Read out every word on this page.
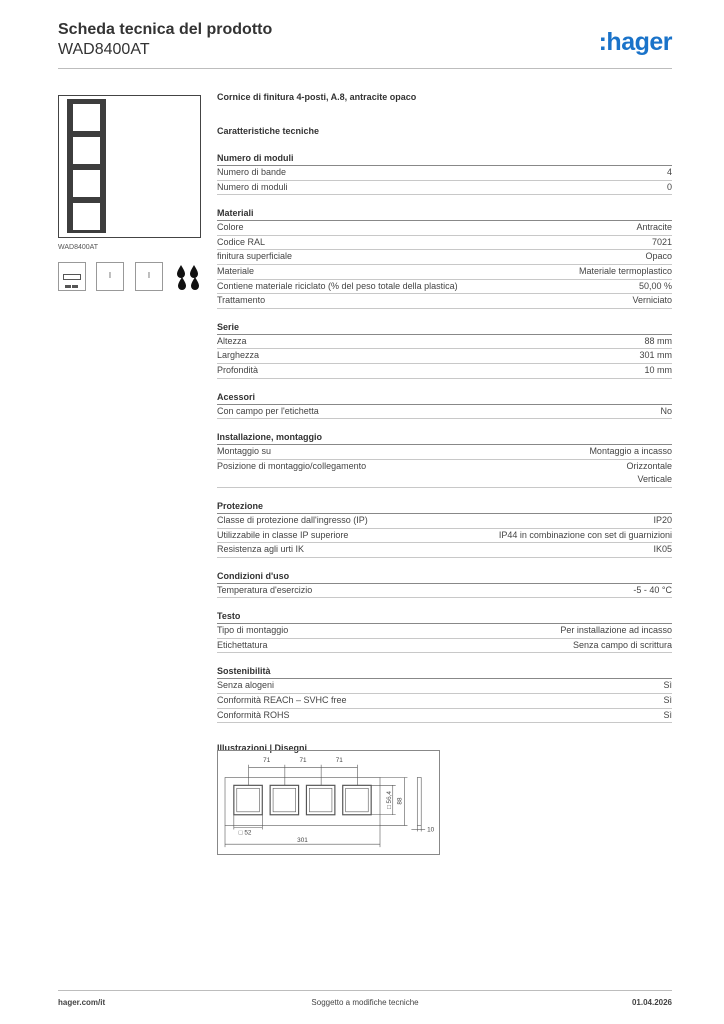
Scheda tecnica del prodotto
WAD8400AT	:hager
WAD8400AT
I	I
Cornice di finitura 4-posti, A.8, antracite opaco
Caratteristiche tecniche
Numero di moduli
Numero di bande	4
Numero di moduli	0
Materiali
Colore	Antracite
Codice RAL	7021
finitura superficiale	Opaco
Materiale	Materiale termoplastico
Contiene materiale riciclato (% del peso totale della plastica)	50,00 %
Trattamento	Verniciato
Serie
Altezza	88 mm
Larghezza	301 mm
Profondità	10 mm
Acessori
Con campo per l'etichetta	No
Installazione, montaggio
Montaggio su	Montaggio a incasso
Posizione di montaggio/collegamento	Orizzontale
Verticale
Protezione
Classe di protezione dall'ingresso (IP)	IP20
Utilizzabile in classe IP superiore	IP44 in combinazione con set di guarnizioni
Resistenza agli urti IK	IK05
Condizioni d'uso
Temperatura d'esercizio	-5 - 40 °C
Testo
Tipo di montaggio	Per installazione ad incasso
Etichettatura	Senza campo di scrittura
Sostenibilità
Senza alogeni	Sì
Conformità REACh – SVHC free	Sì
Conformità ROHS	Sì
Illustrazioni | Disegni
71	71	71
□ 52
301
□ 56,4 88
10
hager.com/it	Soggetto a modifiche tecniche	01.04.2026
